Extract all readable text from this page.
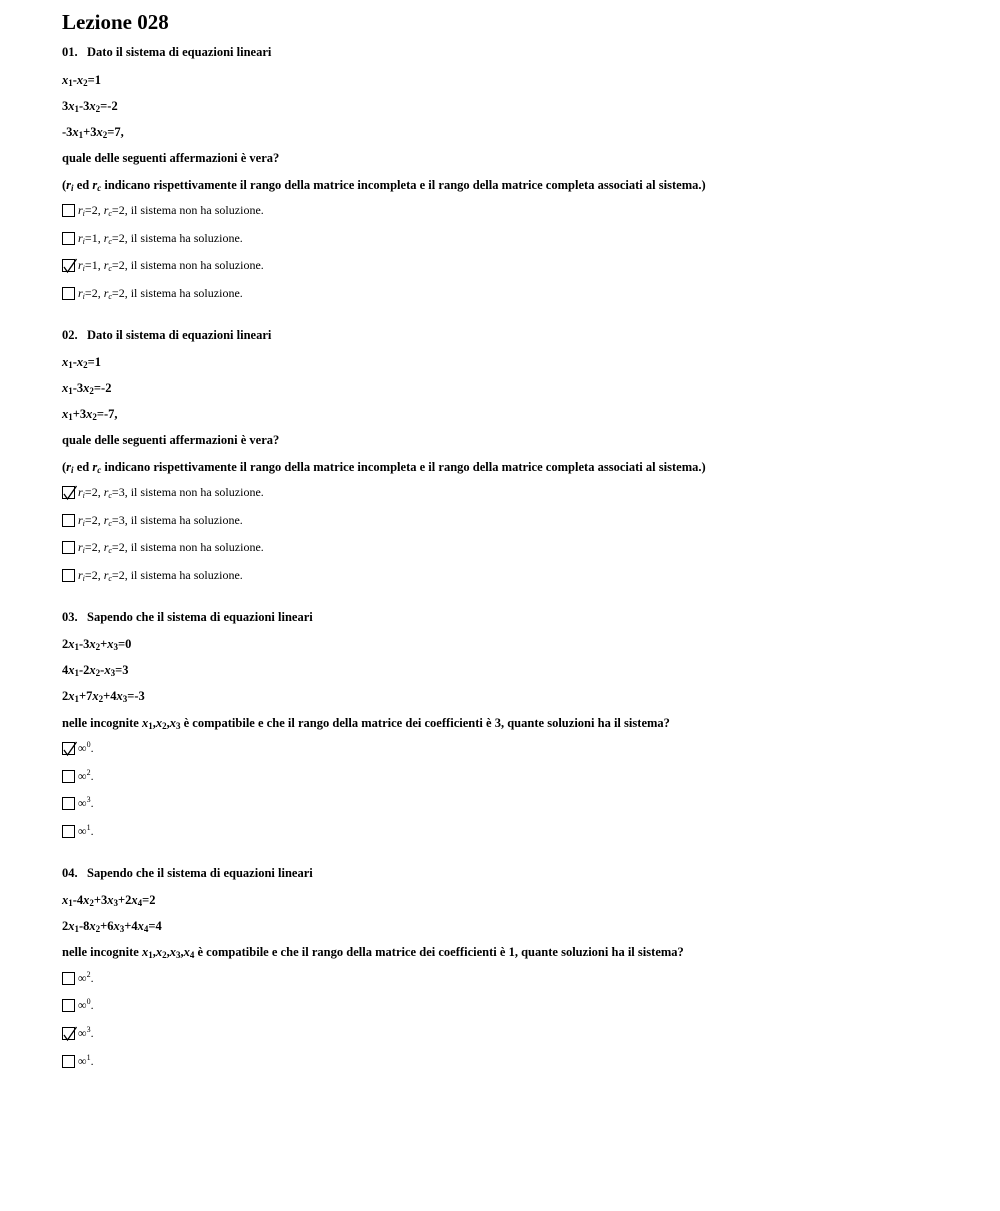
Lezione 028
01. Dato il sistema di equazioni lineari
$x_1-x_2=1$
$3x_1-3x_2=-2$
$-3x_1+3x_2=7$,
quale delle seguenti affermazioni è vera?
($r_i$ ed $r_c$ indicano rispettivamente il rango della matrice incompleta e il rango della matrice completa associati al sistema.)
$r_i=2$, $r_c=2$, il sistema non ha soluzione.
$r_i=1$, $r_c=2$, il sistema ha soluzione.
$r_i=1$, $r_c=2$, il sistema non ha soluzione.
$r_i=2$, $r_c=2$, il sistema ha soluzione.
02. Dato il sistema di equazioni lineari
$x_1-x_2=1$
$x_1-3x_2=-2$
$x_1+3x_2=-7$,
quale delle seguenti affermazioni è vera?
($r_i$ ed $r_c$ indicano rispettivamente il rango della matrice incompleta e il rango della matrice completa associati al sistema.)
$r_i=2$, $r_c=3$, il sistema non ha soluzione.
$r_i=2$, $r_c=3$, il sistema ha soluzione.
$r_i=2$, $r_c=2$, il sistema non ha soluzione.
$r_i=2$, $r_c=2$, il sistema ha soluzione.
03. Sapendo che il sistema di equazioni lineari
$2x_1-3x_2+x_3=0$
$4x_1-2x_2-x_3=3$
$2x_1+7x_2+4x_3=-3$
nelle incognite $x_1,x_2,x_3$ è compatibile e che il rango della matrice dei coefficienti è 3, quante soluzioni ha il sistema?
∞$^0$.
∞$^2$.
∞$^3$.
∞$^1$.
04. Sapendo che il sistema di equazioni lineari
$x_1-4x_2+3x_3+2x_4=2$
$2x_1-8x_2+6x_3+4x_4=4$
nelle incognite $x_1,x_2,x_3,x_4$ è compatibile e che il rango della matrice dei coefficienti è 1, quante soluzioni ha il sistema?
∞$^2$.
∞$^0$.
∞$^3$.
∞$^1$.
